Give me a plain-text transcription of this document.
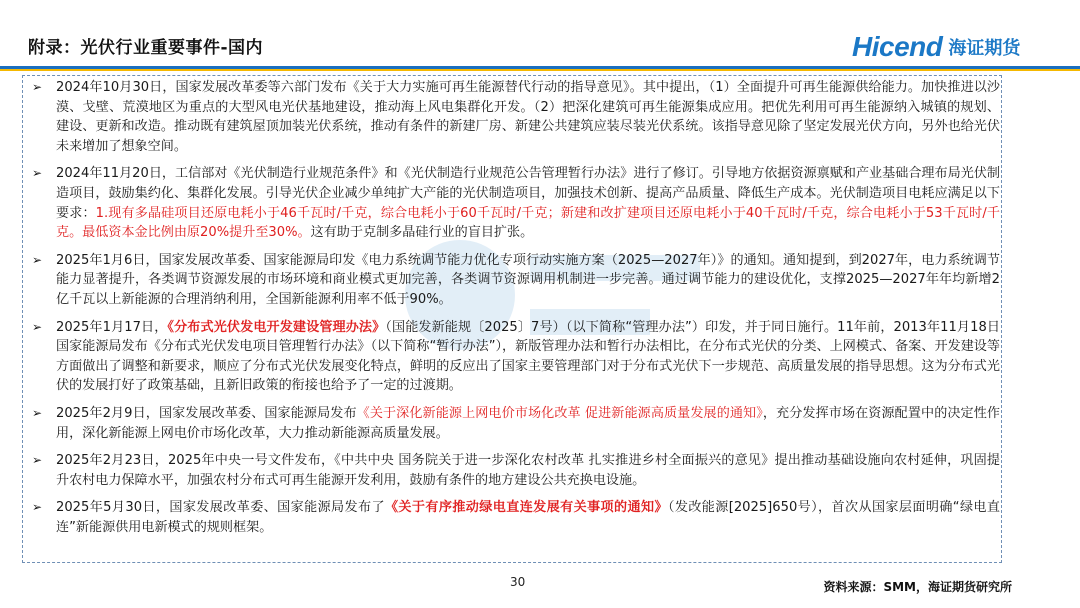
附录：光伏行业重要事件-国内	Hicend 海证期货
➢ 2024年10月30日，国家发展改革委等六部门发布《关于大力实施可再生能源替代行动的指导意见》。其中提出，（1）全面提升可再生能源供给能力。加快推进以沙漠、戈壁、荒漠地区为重点的大型风电光伏基地建设，推动海上风电集群化开发。（2）把深化建筑可再生能源集成应用。把优先利用可再生能源纳入城镇的规划、建设、更新和改造。推动既有建筑屋顶加装光伏系统，推动有条件的新建厂房、新建公共建筑应装尽装光伏系统。该指导意见除了坚定发展光伏方向，另外也给光伏未来增加了想象空间。
➢ 2024年11月20日，工信部对《光伏制造行业规范条件》和《光伏制造行业规范公告管理暂行办法》进行了修订。引导地方依据资源禀赋和产业基础合理布局光伏制造项目，鼓励集约化、集群化发展。引导光伏企业减少单纯扩大产能的光伏制造项目，加强技术创新、提高产品质量、降低生产成本。光伏制造项目电耗应满足以下要求：1.现有多晶硅项目还原电耗小于46千瓦时/千克，综合电耗小于60千瓦时/千克；新建和改扩建项目还原电耗小于40千瓦时/千克，综合电耗小于53千瓦时/千克。最低资本金比例由原20%提升至30%。这有助于克制多晶硅行业的盲目扩张。
➢ 2025年1月6日，国家发展改革委、国家能源局印发《电力系统调节能力优化专项行动实施方案（2025—2027年）》的通知。通知提到，到2027年，电力系统调节能力显著提升，各类调节资源发展的市场环境和商业模式更加完善，各类调节资源调用机制进一步完善。通过调节能力的建设优化，支撑2025—2027年年均新增2亿千瓦以上新能源的合理消纳利用，全国新能源利用率不低于90%。
➢ 2025年1月17日，《分布式光伏发电开发建设管理办法》（国能发新能规〔2025〕7号）（以下简称“管理办法”）印发，并于同日施行。11年前，2013年11月18日国家能源局发布《分布式光伏发电项目管理暂行办法》（以下简称“暂行办法”），新版管理办法和暂行办法相比，在分布式光伏的分类、上网模式、备案、开发建设等方面做出了调整和新要求，顺应了分布式光伏发展变化特点，鲜明的反应出了国家主要管理部门对于分布式光伏下一步规范、高质量发展的指导思想。这为分布式光伏的发展打好了政策基础，且新旧政策的衔接也给予了一定的过渡期。
➢ 2025年2月9日，国家发展改革委、国家能源局发布《关于深化新能源上网电价市场化改革 促进新能源高质量发展的通知》，充分发挥市场在资源配置中的决定性作用，深化新能源上网电价市场化改革，大力推动新能源高质量发展。
➢ 2025年2月23日，2025年中央一号文件发布，《中共中央 国务院关于进一步深化农村改革 扎实推进乡村全面振兴的意见》提出推动基础设施向农村延伸，巩固提升农村电力保障水平，加强农村分布式可再生能源开发利用，鼓励有条件的地方建设公共充换电设施。
➢ 2025年5月30日，国家发展改革委、国家能源局发布了《关于有序推动绿电直连发展有关事项的通知》（发改能源[2025]650号），首次从国家层面明确“绿电直连”新能源供用电新模式的规则框架。
30	资料来源：SMM，海证期货研究所
